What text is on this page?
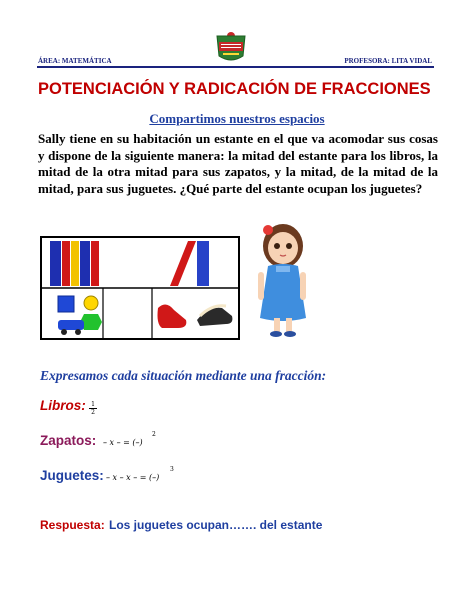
ÁREA: MATEMÁTICA	PROFESORA: LITA VIDAL
POTENCIACIÓN Y RADICACIÓN DE FRACCIONES
Compartimos nuestros espacios
Sally tiene en su habitación un estante en el que va acomodar sus cosas y dispone de la siguiente manera: la mitad del estante para los libros, la mitad de la otra mitad para sus zapatos, y la mitad, de la mitad de la mitad, para sus juguetes. ¿Qué parte del estante ocupan los juguetes?
Expresamos cada situación mediante una fracción:
Libros: $\frac{1}{2}$
Zapatos: – x – = (–)
2
Juguetes: – x – x – = (–)
3
Respuesta: Los juguetes ocupan……. del estante
